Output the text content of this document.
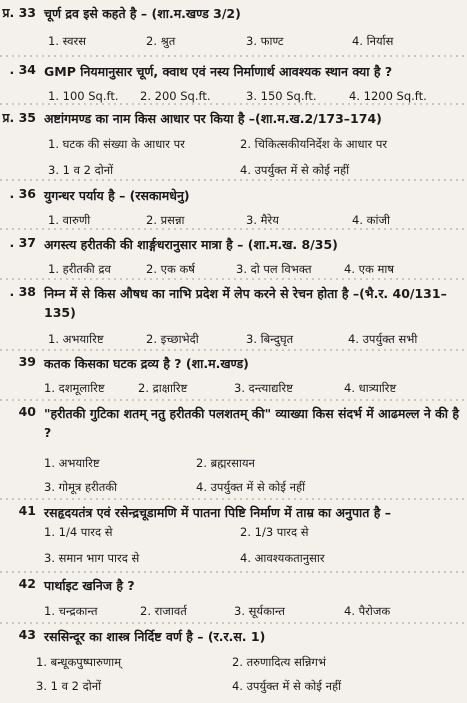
प्र. 33 चूर्ण द्रव इसे कहते है – (शा.म.खण्ड 3/2)
1. स्वरस	2. श्रुत	3. फाण्ट	4. निर्यास
. 34 GMP नियमानुसार चूर्ण, क्वाथ एवं नस्य निर्माणार्थ आवश्यक स्थान क्या है ?
1. 100 Sq.ft. 2. 200 Sq.ft.	3. 150 Sq.ft.	4. 1200 Sq.ft.
प्र. 35 अष्टांगमण्ड का नाम किस आधार पर किया है –(शा.म.ख.2/173–174)
1. घटक की संख्या के आधार पर	2. चिकित्सकीयनिर्देश के आधार पर
3. 1 व 2 दोनों	4. उपर्युक्त में से कोई नहीं
. 36 युगन्धर पर्याय है – (रसकामधेनु)
1. वारुणी	2. प्रसन्ना	3. मैरेय	4. कांजी
. 37 अगस्त्य हरीतकी की शार्ङ्गधरानुसार मात्रा है – (शा.म.ख. 8/35)
1. हरीतकी द्रव	2. एक कर्ष	3. दो पल विभक्त	4. एक माष
. 38 निम्न में से किस औषध का नाभि प्रदेश में लेप करने से रेचन होता है –(भै.र. 40/131–135)
1. अभयारिष्ट	2. इच्छाभेदी	3. बिन्दुघृत	4. उपर्युक्त सभी
39 कतक किसका घटक द्रव्य है ? (शा.म.खण्ड)
1. दशमूलारिष्ट	2. द्राक्षारिष्ट	3. दन्त्याद्यरिष्ट	4. धात्र्यारिष्ट
40 "हरीतकी गुटिका शतम् नतु हरीतकी पलशतम् की" व्याख्या किस संदर्भ में आढमल्ल ने की है ?
1. अभयारिष्ट	2. ब्रह्मरसायन
3. गोमूत्र हरीतकी	4. उपर्युक्त में से कोई नहीं
41 रसहृदयतंत्र एवं रसेन्द्रचूडामणि में पातना पिष्टि निर्माण में ताम्र का अनुपात है –
1. 1/4 पारद से	2. 1/3 पारद से
3. समान भाग पारद से	4. आवश्यकतानुसार
42 पार्थाइट खनिज है ?
1. चन्द्रकान्त	2. राजावर्त	3. सूर्यकान्त	4. पैरोजक
43 रससिन्दूर का शास्त्र निर्दिष्ट वर्ण है – (र.र.स. 1)
1. बन्धूकपुष्पारुणाम्	2. तरुणादित्य सन्निगभं
3. 1 व 2 दोनों	4. उपर्युक्त में से कोई नहीं
